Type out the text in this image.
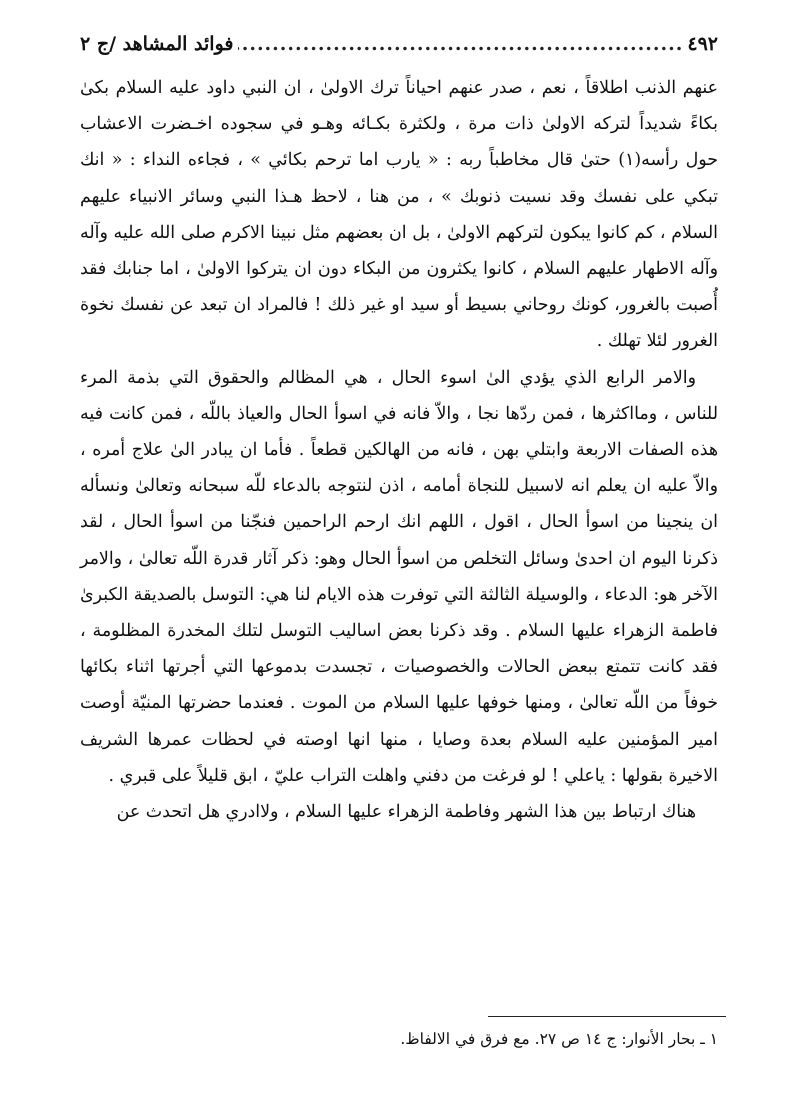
٤٩٢
.....
فوائد المشاهد /ج ٢

عنهم الذنب اطلاقاً ، نعم ، صدر عنهم احياناً ترك الاولىٰ ، ان النبي داود عليه السلام بكىٰ بكاءً شديداً لتركه الاولىٰ ذات مرة ، ولكثرة بكـائه وهـو في سجوده اخـضرت الاعشاب حول رأسه(١) حتىٰ قال مخاطباً ربه : « يارب اما ترحم بكائي » ، فجاءه النداء : « انك تبكي على نفسك وقد نسيت ذنوبك » ، من هنا ، لاحظ هـذا النبي وسائر الانبياء عليهم السلام ، كم كانوا يبكون لتركهم الاولىٰ ، بل ان بعضهم مثل نبينا الاكرم صلى الله عليه وآله وآله الاطهار عليهم السلام ، كانوا يكثرون من البكاء دون ان يتركوا الاولىٰ ، اما جنابك فقد أُصبت بالغرور، كونك روحاني بسيط أو سيد او غير ذلك ! فالمراد ان تبعد عن نفسك نخوة الغرور لئلا تهلك .

والامر الرابع الذي يؤدي الىٰ اسوء الحال ، هي المظالم والحقوق التي بذمة المرء للناس ، ومااكثرها ، فمن ردّها نجا ، والاّ فانه في اسوأ الحال والعياذ باللّه ، فمن كانت فيه هذه الصفات الاربعة وابتلي بهن ، فانه من الهالكين قطعاً . فأما ان يبادر الىٰ علاج أمره ، والاّ عليه ان يعلم انه لاسبيل للنجاة أمامه ، اذن لنتوجه بالدعاء للّه سبحانه وتعالىٰ ونسأله ان ينجينا من اسوأ الحال ، اقول ، اللهم انك ارحم الراحمين فنجّنا من اسوأ الحال ، لقد ذكرنا اليوم ان احدىٰ وسائل التخلص من اسوأ الحال وهو: ذكر آثار قدرة اللّه تعالىٰ ، والامر الآخر هو: الدعاء ، والوسيلة الثالثة التي توفرت هذه الايام لنا هي: التوسل بالصديقة الكبرىٰ فاطمة الزهراء عليها السلام . وقد ذكرنا بعض اساليب التوسل لتلك المخدرة المظلومة ، فقد كانت تتمتع ببعض الحالات والخصوصيات ، تجسدت بدموعها التي أجرتها اثناء بكائها خوفاً من اللّه تعالىٰ ، ومنها خوفها عليها السلام من الموت . فعندما حضرتها المنيّة أوصت امير المؤمنين عليه السلام بعدة وصايا ، منها انها اوصته في لحظات عمرها الشريف الاخيرة بقولها : ياعلي ! لو فرغت من دفني واهلت التراب عليّ ، ابق قليلاً على قبري .

هناك ارتباط بين هذا الشهر وفاطمة الزهراء عليها السلام ، ولاادري هل اتحدث عن

١ ـ بحار الأنوار: ج ١٤ ص ٢٧. مع فرق في الالفاظ.
